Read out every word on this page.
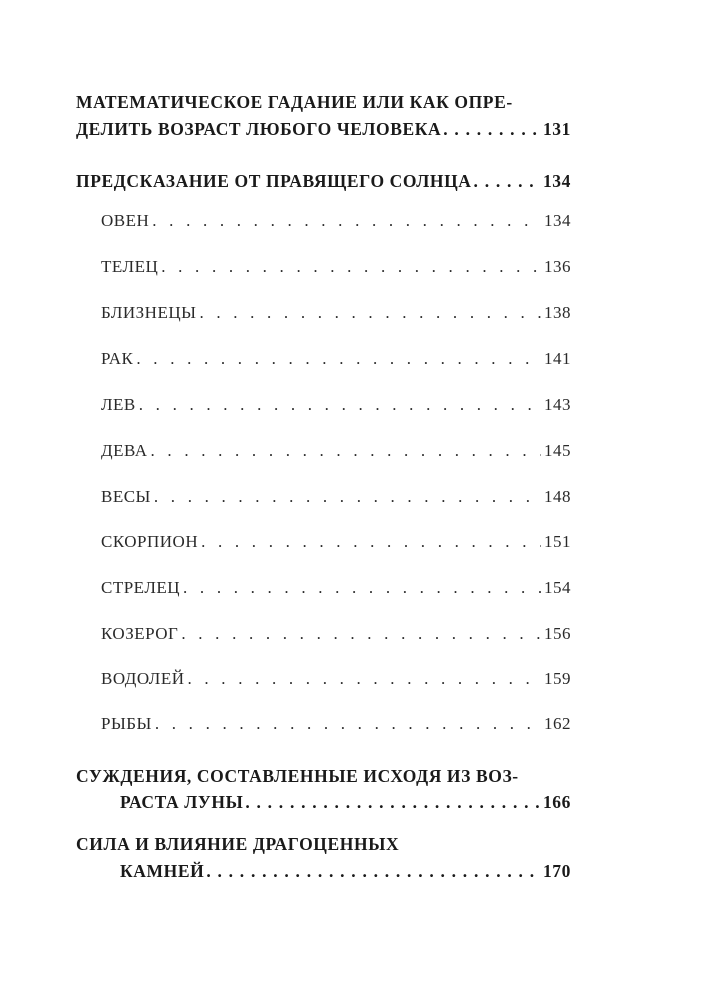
МАТЕМАТИЧЕСКОЕ ГАДАНИЕ ИЛИ КАК ОПРЕ-
ДЕЛИТЬ ВОЗРАСТ ЛЮБОГО ЧЕЛОВЕКА . . .	131
ПРЕДСКАЗАНИЕ ОТ ПРАВЯЩЕГО СОЛНЦА . . .	134
ОВЕН . . .	134
ТЕЛЕЦ . . .	136
БЛИЗНЕЦЫ . . .	138
РАК . . .	141
ЛЕВ . . .	143
ДЕВА . . .	145
ВЕСЫ . . .	148
СКОРПИОН . . .	151
СТРЕЛЕЦ . . .	154
КОЗЕРОГ . . .	156
ВОДОЛЕЙ . . .	159
РЫБЫ . . .	162
СУЖДЕНИЯ, СОСТАВЛЕННЫЕ ИСХОДЯ ИЗ ВОЗ-
РАСТА ЛУНЫ . . .	166
СИЛА И ВЛИЯНИЕ ДРАГОЦЕННЫХ
КАМНЕЙ . . .	170
